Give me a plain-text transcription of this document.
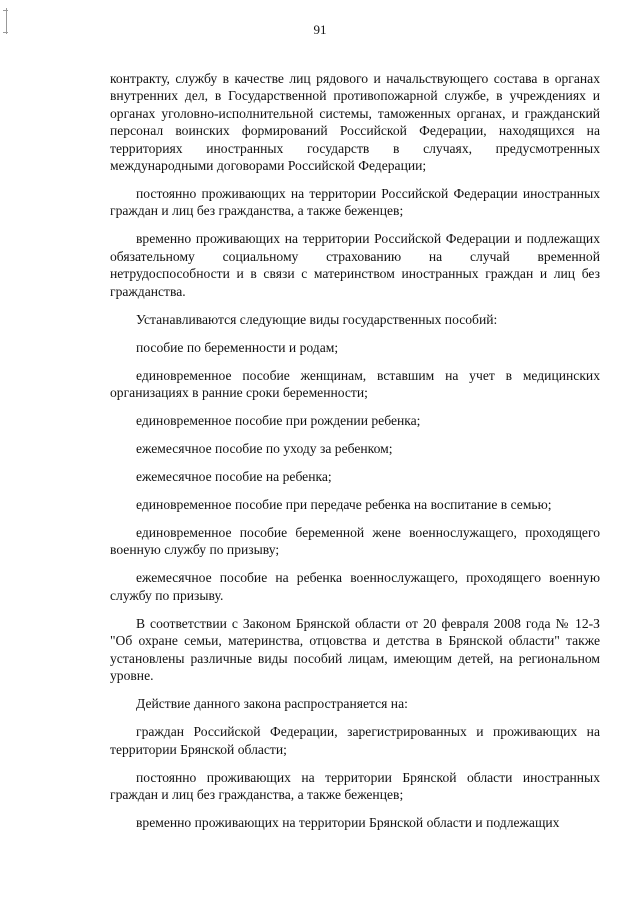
91

контракту, службу в качестве лиц рядового и начальствующего состава в органах внутренних дел, в Государственной противопожарной службе, в учреждениях и органах уголовно-исполнительной системы, таможенных органах, и гражданский персонал воинских формирований Российской Федерации, находящихся на территориях иностранных государств в случаях, предусмотренных международными договорами Российской Федерации;

постоянно проживающих на территории Российской Федерации иностранных граждан и лиц без гражданства, а также беженцев;

временно проживающих на территории Российской Федерации и подлежащих обязательному социальному страхованию на случай временной нетрудоспособности и в связи с материнством иностранных граждан и лиц без гражданства.

Устанавливаются следующие виды государственных пособий:

пособие по беременности и родам;

единовременное пособие женщинам, вставшим на учет в медицинских организациях в ранние сроки беременности;

единовременное пособие при рождении ребенка;

ежемесячное пособие по уходу за ребенком;

ежемесячное пособие на ребенка;

единовременное пособие при передаче ребенка на воспитание в семью;

единовременное пособие беременной жене военнослужащего, проходящего военную службу по призыву;

ежемесячное пособие на ребенка военнослужащего, проходящего военную службу по призыву.

В соответствии с Законом Брянской области от 20 февраля 2008 года № 12-З "Об охране семьи, материнства, отцовства и детства в Брянской области" также установлены различные виды пособий лицам, имеющим детей, на региональном уровне.

Действие данного закона распространяется на:

граждан Российской Федерации, зарегистрированных и проживающих на территории Брянской области;

постоянно проживающих на территории Брянской области иностранных граждан и лиц без гражданства, а также беженцев;

временно проживающих на территории Брянской области и подлежащих
